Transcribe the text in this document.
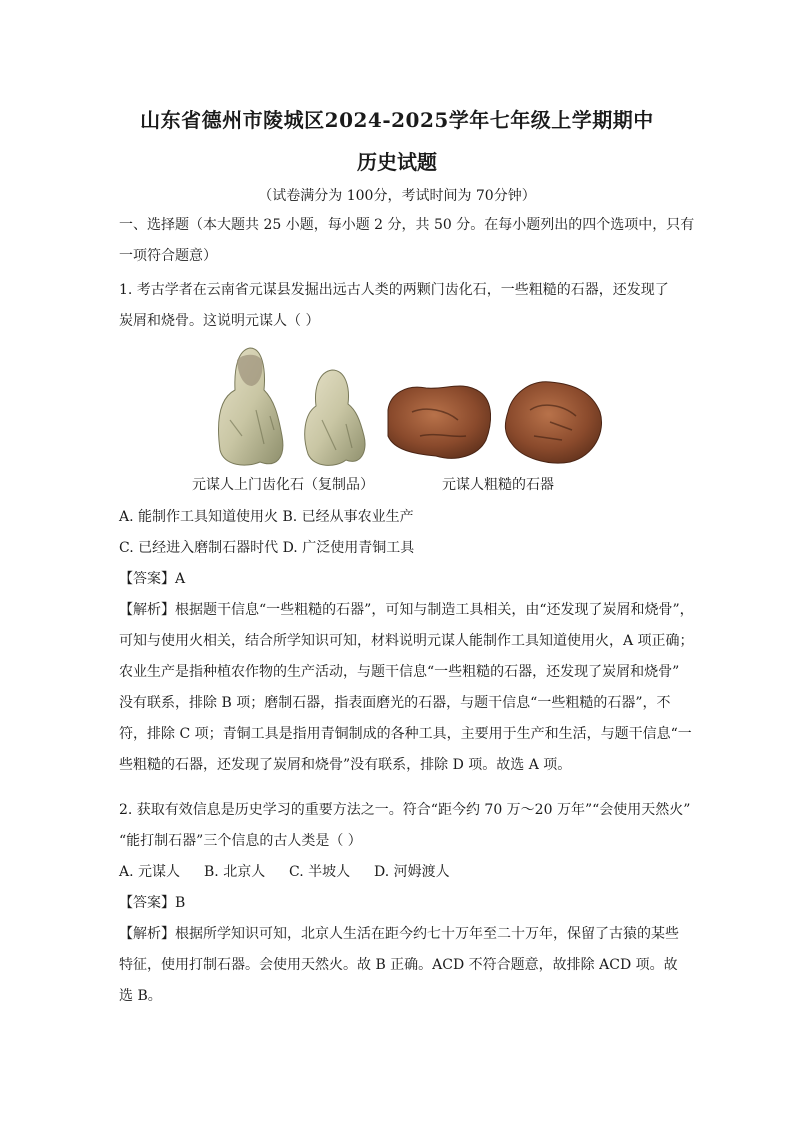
山东省德州市陵城区2024-2025学年七年级上学期期中
历史试题
（试卷满分为 100分，考试时间为 70分钟）
一、选择题（本大题共 25 小题，每小题 2 分，共 50 分。在每小题列出的四个选项中，只有
一项符合题意）
1. 考古学者在云南省元谋县发掘出远古人类的两颗门齿化石，一些粗糙的石器，还发现了
炭屑和烧骨。这说明元谋人（ ）
元谋人上门齿化石（复制品）	元谋人粗糙的石器
A. 能制作工具知道使用火 B. 已经从事农业生产
C. 已经进入磨制石器时代 D. 广泛使用青铜工具
【答案】A
【解析】根据题干信息“一些粗糙的石器”，可知与制造工具相关，由“还发现了炭屑和烧骨”，
可知与使用火相关，结合所学知识可知，材料说明元谋人能制作工具知道使用火，A 项正确；
农业生产是指种植农作物的生产活动，与题干信息“一些粗糙的石器，还发现了炭屑和烧骨”
没有联系，排除 B 项；磨制石器，指表面磨光的石器，与题干信息“一些粗糙的石器”，不
符，排除 C 项；青铜工具是指用青铜制成的各种工具，主要用于生产和生活，与题干信息“一
些粗糙的石器，还发现了炭屑和烧骨”没有联系，排除 D 项。故选 A 项。
2. 获取有效信息是历史学习的重要方法之一。符合“距今约 70 万～20 万年”“会使用天然火”
“能打制石器”三个信息的古人类是（ ）
A. 元谋人 B. 北京人 C. 半坡人 D. 河姆渡人
【答案】B
【解析】根据所学知识可知，北京人生活在距今约七十万年至二十万年，保留了古猿的某些
特征，使用打制石器。会使用天然火。故 B 正确。ACD 不符合题意，故排除 ACD 项。故
选 B。
